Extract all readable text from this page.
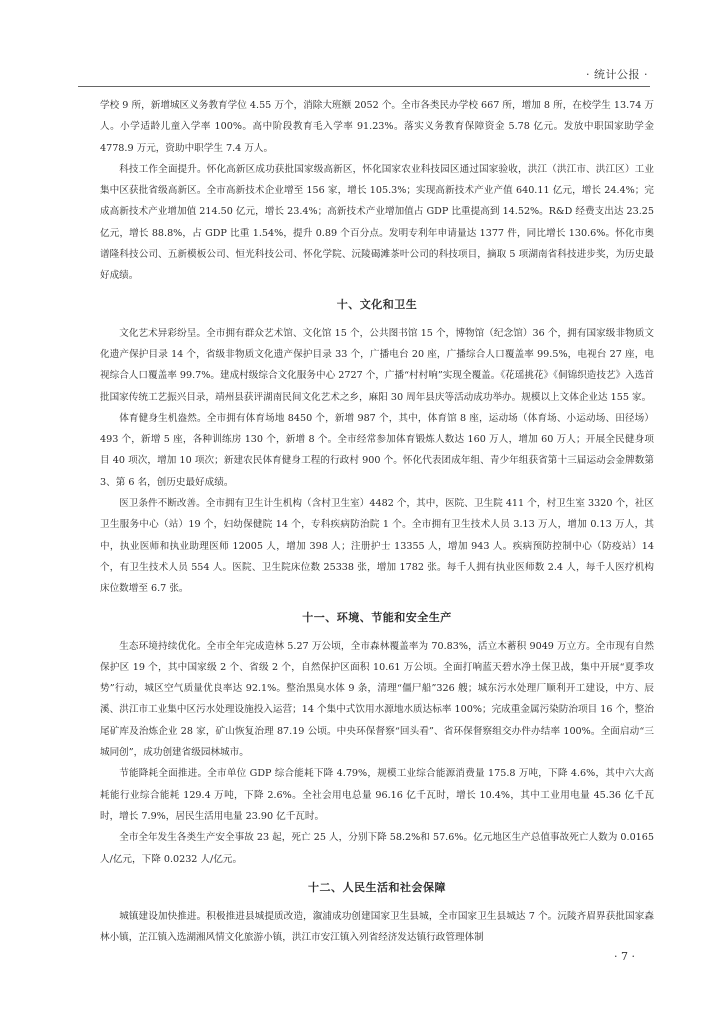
· 统计公报 ·

学校 9 所，新增城区义务教育学位 4.55 万个，消除大班额 2052 个。全市各类民办学校 667 所，增加 8 所，在校学生 13.74 万人。小学适龄儿童入学率 100%。高中阶段教育毛入学率 91.23%。落实义务教育保障资金 5.78 亿元。发放中职国家助学金 4778.9 万元，资助中职学生 7.4 万人。

科技工作全面提升。怀化高新区成功获批国家级高新区，怀化国家农业科技园区通过国家验收，洪江（洪江市、洪江区）工业集中区获批省级高新区。全市高新技术企业增至 156 家，增长 105.3%；实现高新技术产业产值 640.11 亿元，增长 24.4%；完成高新技术产业增加值 214.50 亿元，增长 23.4%；高新技术产业增加值占 GDP 比重提高到 14.52%。R&D 经费支出达 23.25 亿元，增长 88.8%，占 GDP 比重 1.54%，提升 0.89 个百分点。发明专利年申请量达 1377 件，同比增长 130.6%。怀化市奥谱隆科技公司、五新模板公司、恒光科技公司、怀化学院、沅陵碣滩茶叶公司的科技项目，摘取 5 项湖南省科技进步奖，为历史最好成绩。

十、文化和卫生

文化艺术异彩纷呈。全市拥有群众艺术馆、文化馆 15 个，公共图书馆 15 个，博物馆（纪念馆）36 个，拥有国家级非物质文化遗产保护目录 14 个，省级非物质文化遗产保护目录 33 个，广播电台 20 座，广播综合人口覆盖率 99.5%，电视台 27 座，电视综合人口覆盖率 99.7%。建成村级综合文化服务中心 2727 个，广播“村村响”实现全覆盖。《花瑶挑花》《侗锦织造技艺》入选首批国家传统工艺振兴目录，靖州县获评湖南民间文化艺术之乡，麻阳 30 周年县庆等活动成功举办。规模以上文体企业达 155 家。

体育健身生机盎然。全市拥有体育场地 8450 个，新增 987 个，其中，体育馆 8 座，运动场（体育场、小运动场、田径场）493 个，新增 5 座，各种训练房 130 个，新增 8 个。全市经常参加体育锻炼人数达 160 万人，增加 60 万人；开展全民健身项目 40 项次，增加 10 项次；新建农民体育健身工程的行政村 900 个。怀化代表团成年组、青少年组获省第十三届运动会金牌数第 3、第 6 名，创历史最好成绩。

医卫条件不断改善。全市拥有卫生计生机构（含村卫生室）4482 个，其中，医院、卫生院 411 个，村卫生室 3320 个，社区卫生服务中心（站）19 个，妇幼保健院 14 个，专科疾病防治院 1 个。全市拥有卫生技术人员 3.13 万人，增加 0.13 万人，其中，执业医师和执业助理医师 12005 人，增加 398 人；注册护士 13355 人，增加 943 人。疾病预防控制中心（防疫站）14 个，有卫生技术人员 554 人。医院、卫生院床位数 25338 张，增加 1782 张。每千人拥有执业医师数 2.4 人，每千人医疗机构床位数增至 6.7 张。

十一、环境、节能和安全生产

生态环境持续优化。全市全年完成造林 5.27 万公顷，全市森林覆盖率为 70.83%，活立木蓄积 9049 万立方。全市现有自然保护区 19 个，其中国家级 2 个、省级 2 个，自然保护区面积 10.61 万公顷。全面打响蓝天碧水净土保卫战，集中开展“夏季攻势”行动，城区空气质量优良率达 92.1%。整治黑臭水体 9 条，清理“僵尸船”326 艘；城东污水处理厂顺利开工建设，中方、辰溪、洪江市工业集中区污水处理设施投入运营；14 个集中式饮用水源地水质达标率 100%；完成重金属污染防治项目 16 个，整治尾矿库及治炼企业 28 家，矿山恢复治理 87.19 公顷。中央环保督察“回头看”、省环保督察组交办件办结率 100%。全面启动“三城同创”，成功创建省级园林城市。

节能降耗全面推进。全市单位 GDP 综合能耗下降 4.79%，规模工业综合能源消费量 175.8 万吨，下降 4.6%，其中六大高耗能行业综合能耗 129.4 万吨，下降 2.6%。全社会用电总量 96.16 亿千瓦时，增长 10.4%，其中工业用电量 45.36 亿千瓦时，增长 7.9%，居民生活用电量 23.90 亿千瓦时。

全市全年发生各类生产安全事故 23 起，死亡 25 人，分别下降 58.2%和 57.6%。亿元地区生产总值事故死亡人数为 0.0165 人/亿元，下降 0.0232 人/亿元。

十二、人民生活和社会保障

城镇建设加快推进。积极推进县城提质改造，溆浦成功创建国家卫生县城，全市国家卫生县城达 7 个。沅陵齐眉界获批国家森林小镇，芷江镇入选湖湘风情文化旅游小镇，洪江市安江镇入列省经济发达镇行政管理体制

· 7 ·
